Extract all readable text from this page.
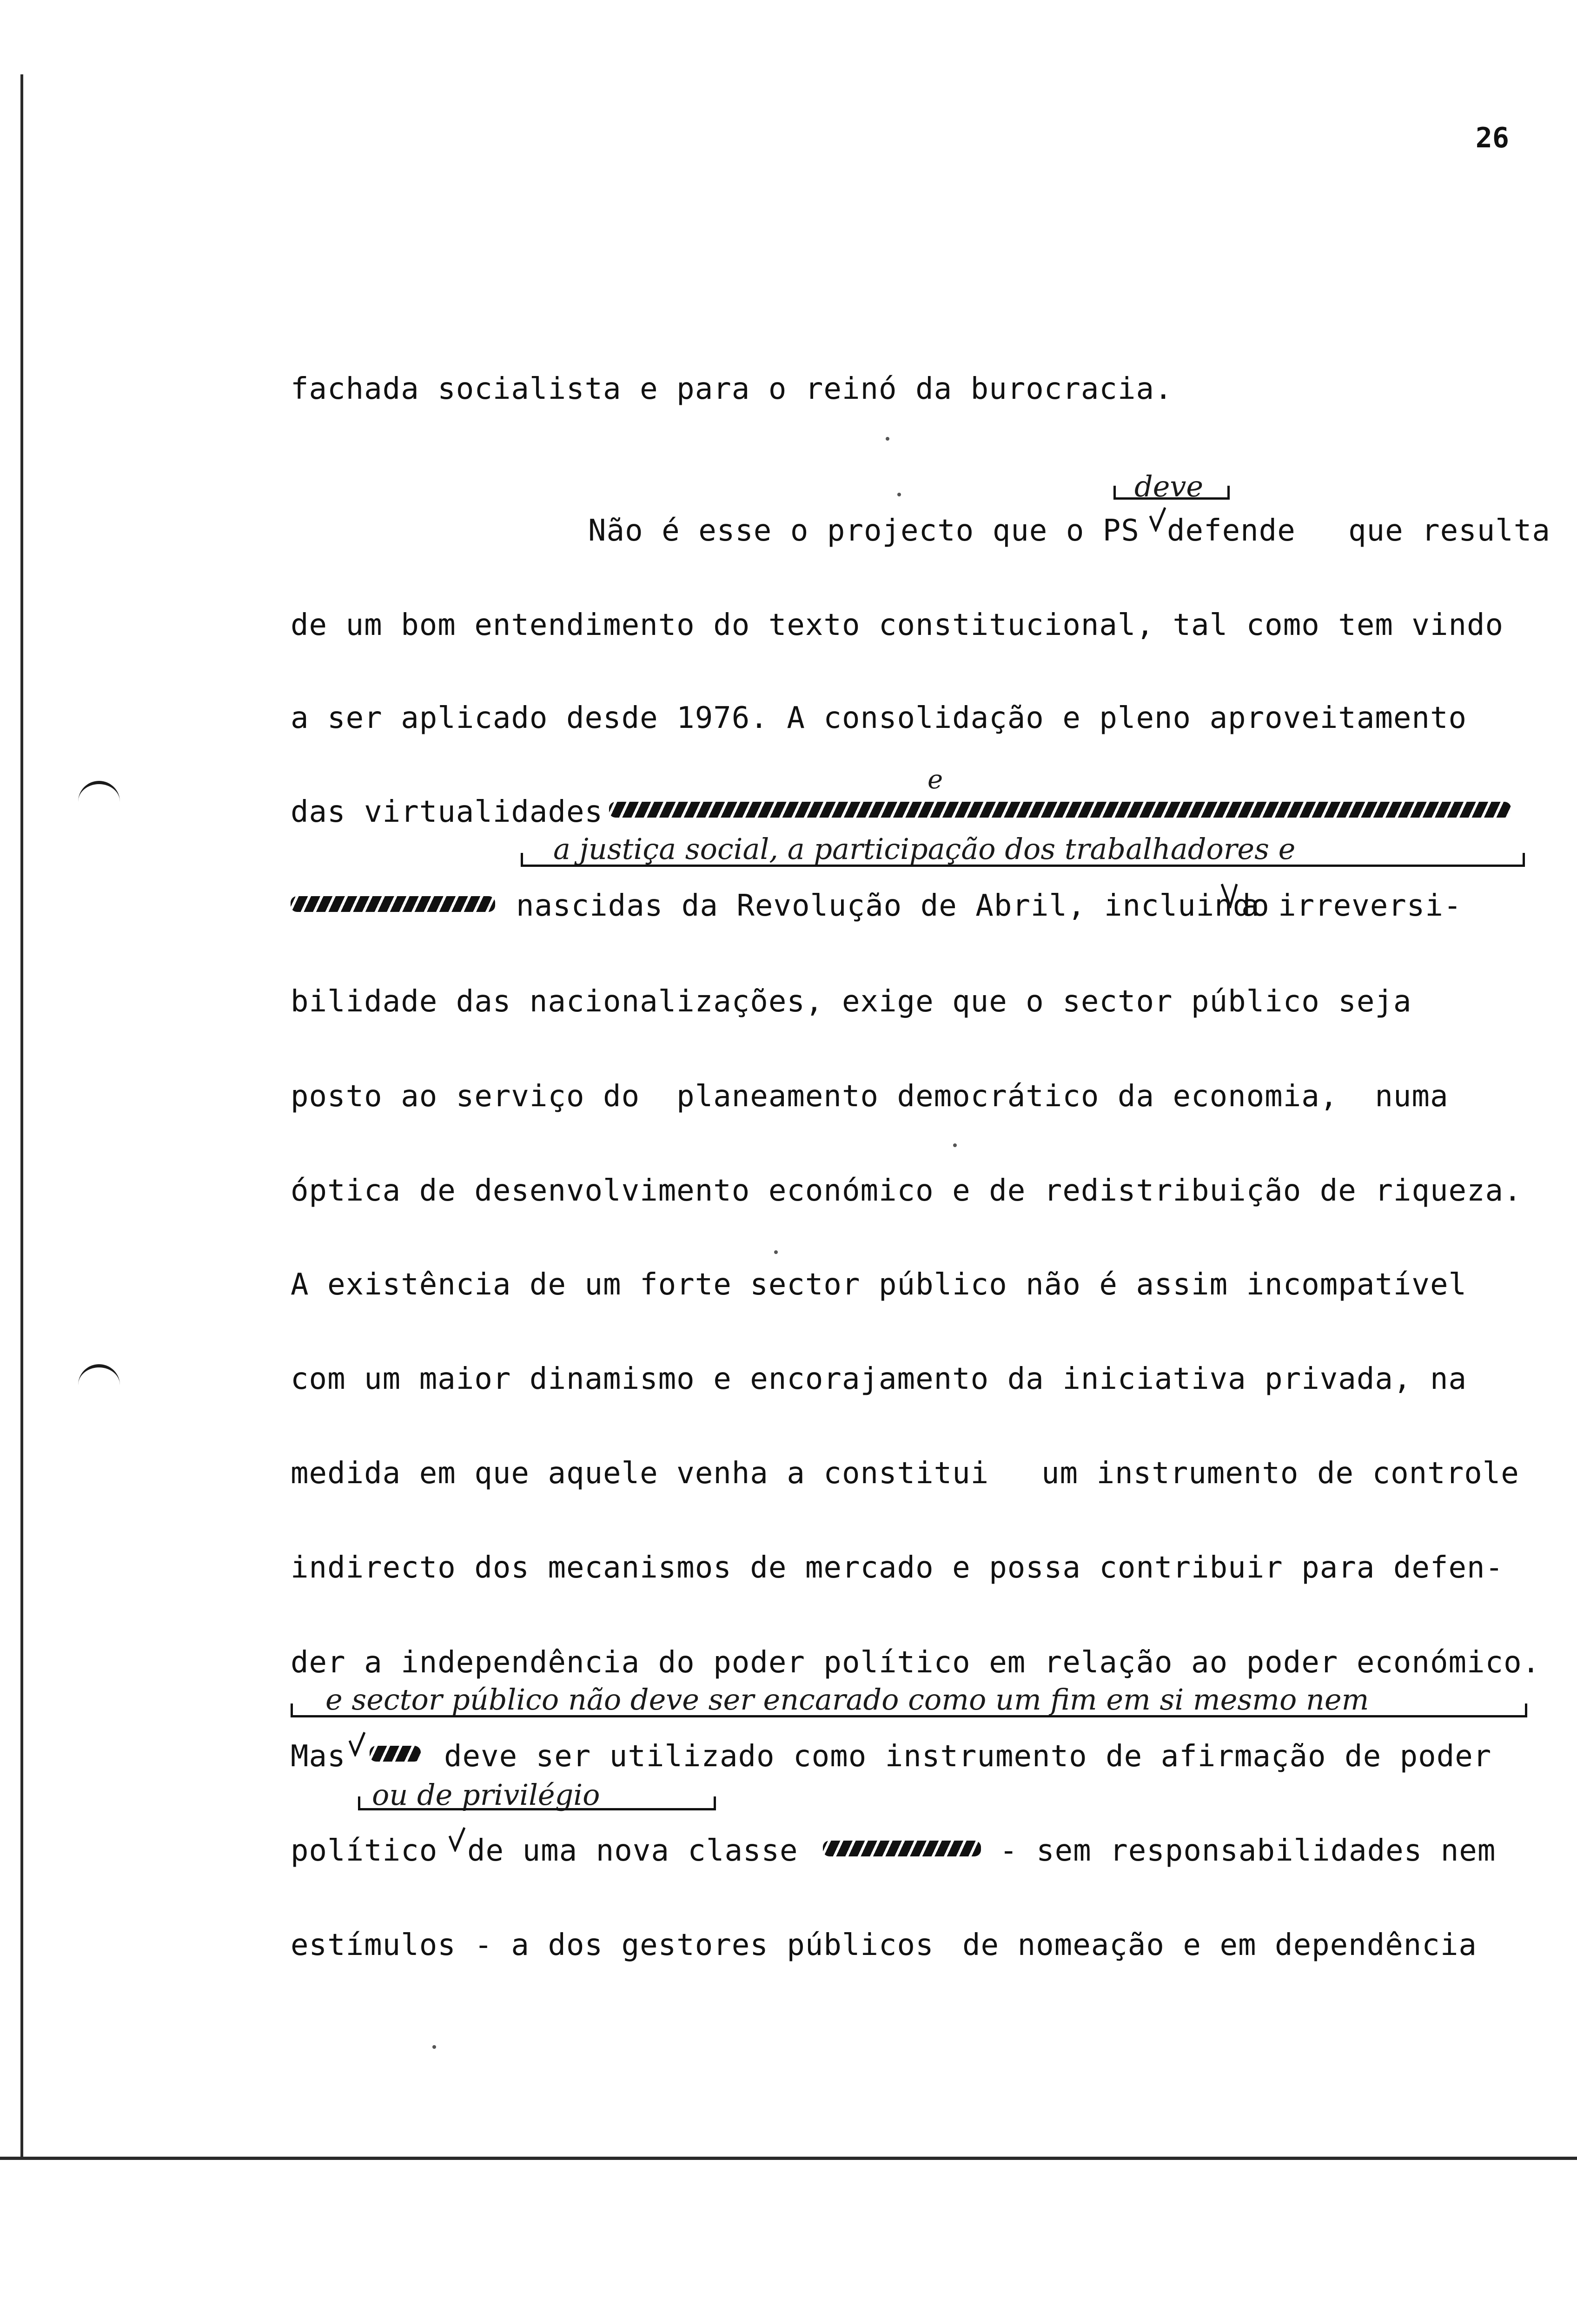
26
fachada socialista e para o reinó da burocracia.
deve
Não é esse o projecto que o PS defende que resulta
de um bom entendimento do texto constitucional, tal como tem vindo
a ser aplicado desde 1976. A consolidação e pleno aproveitamento
e
das virtualidades
a justiça social, a participação dos trabalhadores e
nascidas da Revolução de Abril, incluindo
a irreversi-
bilidade das nacionalizações, exige que o sector público seja
posto ao serviço do  planeamento democrático da economia,  numa
óptica de desenvolvimento económico e de redistribuição de riqueza.
A existência de um forte sector público não é assim incompatível
com um maior dinamismo e encorajamento da iniciativa privada, na
medida em que aquele venha a constitui um instrumento de controle
indirecto dos mecanismos de mercado e possa contribuir para defen-
der a independência do poder político em relação ao poder económico.
e sector público não deve ser encarado como um fim em si mesmo nem
Mas	deve ser utilizado como instrumento de afirmação de poder
ou de privilégio
político de uma nova classe	- sem responsabilidades nem
estímulos - a dos gestores públicos de nomeação e em dependência
